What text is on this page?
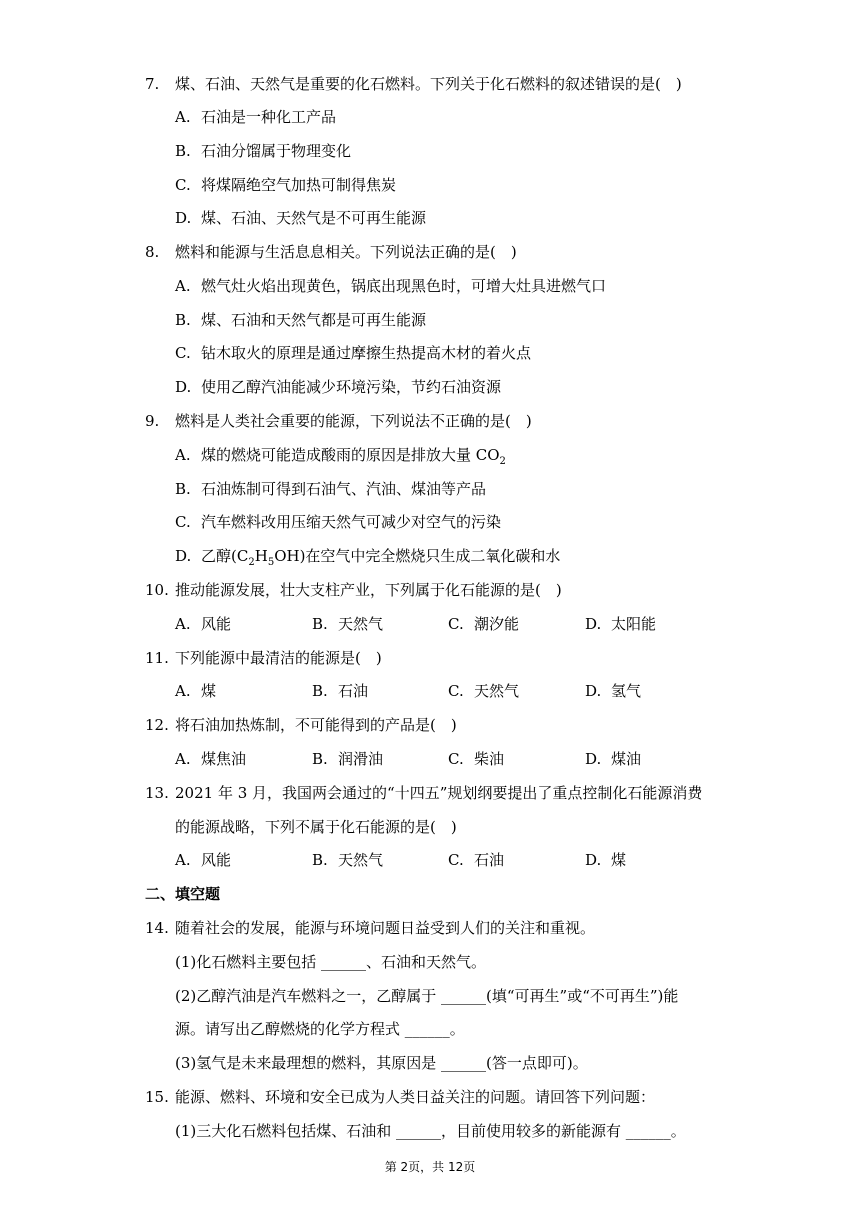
7. 煤、石油、天然气是重要的化石燃料。下列关于化石燃料的叙述错误的是(　)
A. 石油是一种化工产品
B. 石油分馏属于物理变化
C. 将煤隔绝空气加热可制得焦炭
D. 煤、石油、天然气是不可再生能源
8. 燃料和能源与生活息息相关。下列说法正确的是(　)
A. 燃气灶火焰出现黄色，锅底出现黑色时，可增大灶具进燃气口
B. 煤、石油和天然气都是可再生能源
C. 钻木取火的原理是通过摩擦生热提高木材的着火点
D. 使用乙醇汽油能减少环境污染，节约石油资源
9. 燃料是人类社会重要的能源，下列说法不正确的是(　)
A. 煤的燃烧可能造成酸雨的原因是排放大量 $CO_2$
B. 石油炼制可得到石油气、汽油、煤油等产品
C. 汽车燃料改用压缩天然气可减少对空气的污染
D. 乙醇$(C_2H_5OH)$在空气中完全燃烧只生成二氧化碳和水
10. 推动能源发展，壮大支柱产业，下列属于化石能源的是(　)
A. 风能	B. 天然气	C. 潮汐能	D. 太阳能
11. 下列能源中最清洁的能源是(　)
A. 煤	B. 石油	C. 天然气	D. 氢气
12. 将石油加热炼制，不可能得到的产品是(　)
A. 煤焦油	B. 润滑油	C. 柴油	D. 煤油
13. 2021 年 3 月，我国两会通过的“十四五”规划纲要提出了重点控制化石能源消费
的能源战略，下列不属于化石能源的是(　)
A. 风能	B. 天然气	C. 石油	D. 煤
二、填空题
14. 随着社会的发展，能源与环境问题日益受到人们的关注和重视。
(1)化石燃料主要包括 ______、石油和天然气。
(2)乙醇汽油是汽车燃料之一，乙醇属于 ______(填“可再生”或“不可再生”)能
源。请写出乙醇燃烧的化学方程式 ______。
(3)氢气是未来最理想的燃料，其原因是 ______(答一点即可)。
15. 能源、燃料、环境和安全已成为人类日益关注的问题。请回答下列问题：
(1)三大化石燃料包括煤、石油和 ______，目前使用较多的新能源有 ______。
第 2页，共 12页
